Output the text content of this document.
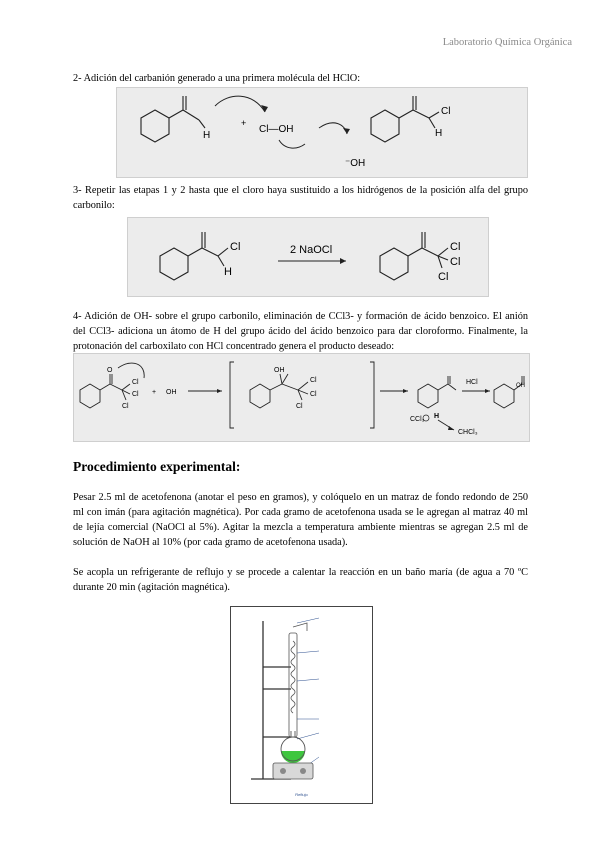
Laboratorio Química Orgánica

2- Adición del carbanión generado a una primera molécula del HClO:

H
+
Cl—OH
⁻OH
Cl
H

3- Repetir las etapas 1 y 2 hasta que el cloro haya sustituido a los hidrógenos de la posición alfa del grupo carbonilo:

Cl
H
2 NaOCl	Cl
Cl
Cl

4- Adición de OH- sobre el grupo carbonilo, eliminación de CCl3- y formación de ácido benzoico. El anión del CCl3- adiciona un átomo de H del grupo ácido del ácido benzoico para dar cloroformo. Finalmente, la protonación del carboxilato con HCl concentrado genera el producto deseado:

O
Cl
Cl
Cl
+ OH
OH
Cl
Cl
Cl
CCl₃ H
CHCl₃
HCl	OH
Procedimiento experimental:

Pesar 2.5 ml de acetofenona (anotar el peso en gramos), y colóquelo en un matraz de fondo redondo de 250 ml con imán (para agitación magnética). Por cada gramo de acetofenona usada se le agregan al matraz 40 ml de lejía comercial (NaOCl al 5%). Agitar la mezcla a temperatura ambiente mientras se agregan 2.5 ml de solución de NaOH al 10% (por cada gramo de acetofenona usada).

Se acopla un refrigerante de reflujo y se procede a calentar la reacción en un baño maría (de agua a 70 ºC durante 20 min (agitación magnética).

Reflujo
